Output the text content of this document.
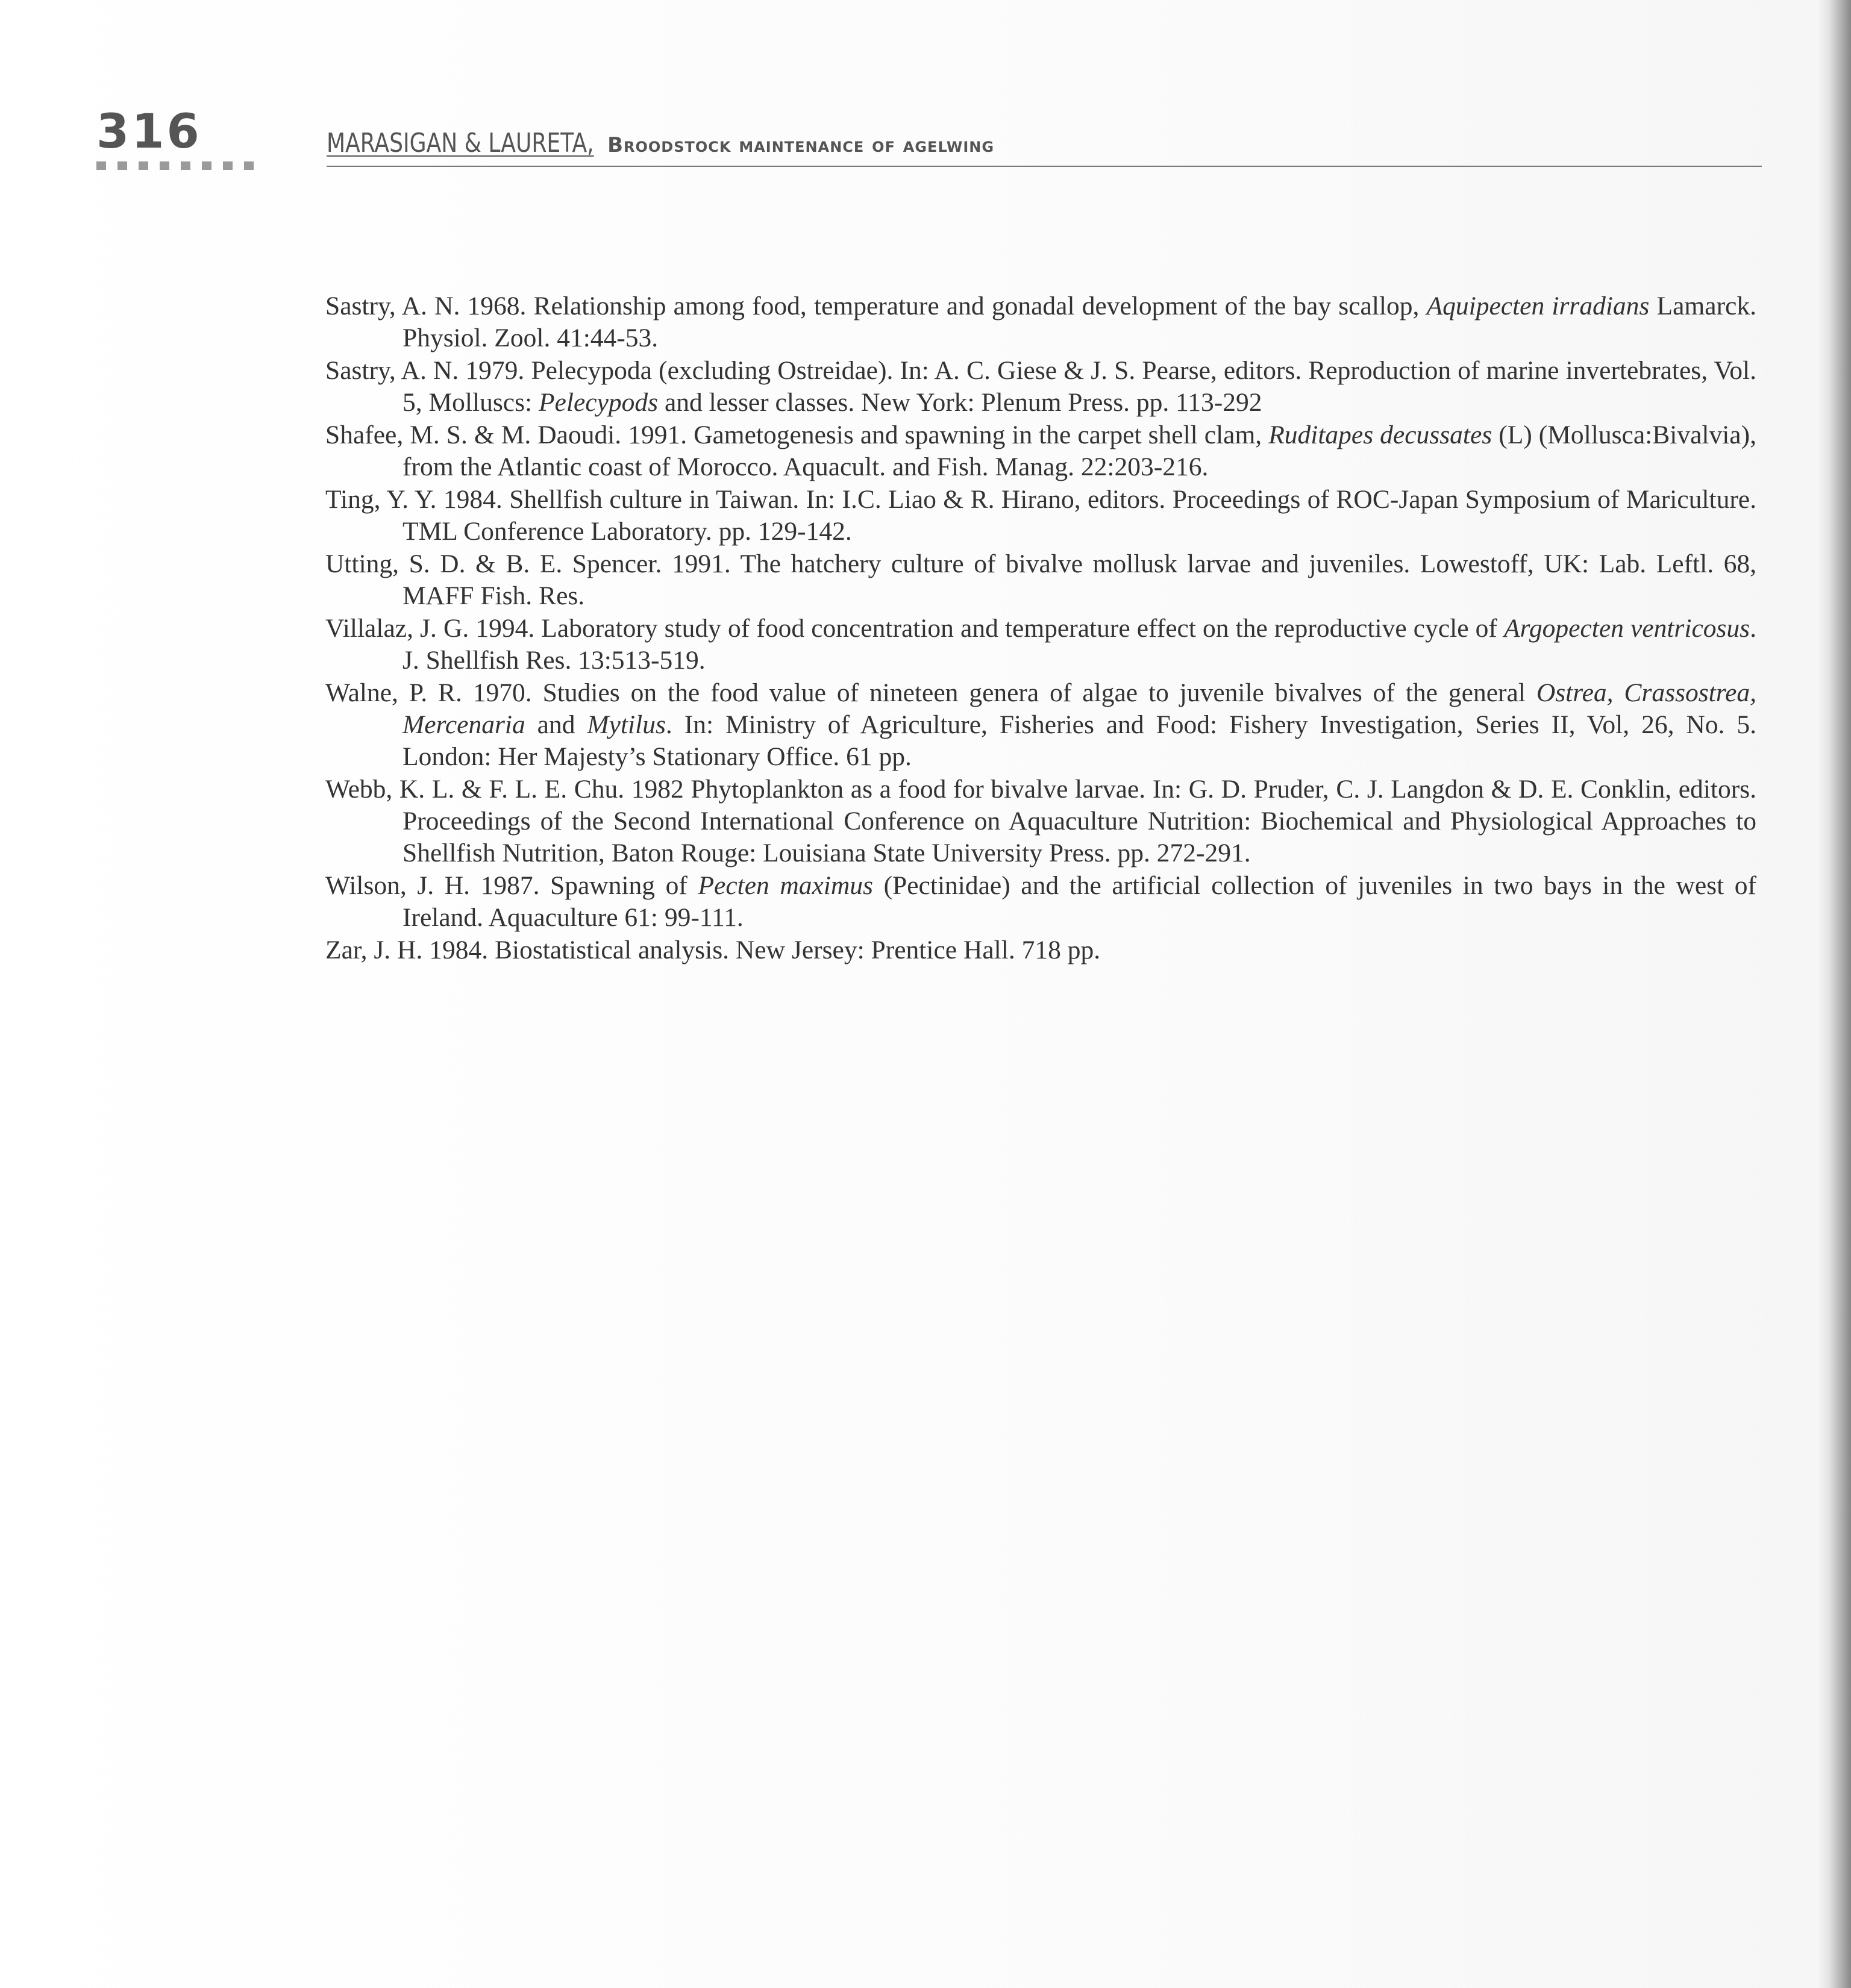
316	MARASIGAN & LAURETA, Broodstock maintenance of agelwing

Sastry, A. N. 1968. Relationship among food, temperature and gonadal development of the bay scallop, Aquipecten irradians Lamarck. Physiol. Zool. 41:44-53.

Sastry, A. N. 1979. Pelecypoda (excluding Ostreidae). In: A. C. Giese & J. S. Pearse, editors. Reproduction of marine invertebrates, Vol. 5, Molluscs: Pelecypods and lesser classes. New York: Plenum Press. pp. 113-292

Shafee, M. S. & M. Daoudi. 1991. Gametogenesis and spawning in the carpet shell clam, Ruditapes decussates (L) (Mollusca:Bivalvia), from the Atlantic coast of Morocco. Aquacult. and Fish. Manag. 22:203-216.

Ting, Y. Y. 1984. Shellfish culture in Taiwan. In: I.C. Liao & R. Hirano, editors. Proceedings of ROC-Japan Symposium of Mariculture. TML Conference Laboratory. pp. 129-142.

Utting, S. D. & B. E. Spencer. 1991. The hatchery culture of bivalve mollusk larvae and juveniles. Lowestoff, UK: Lab. Leftl. 68, MAFF Fish. Res.

Villalaz, J. G. 1994. Laboratory study of food concentration and temperature effect on the reproductive cycle of Argopecten ventricosus. J. Shellfish Res. 13:513-519.

Walne, P. R. 1970. Studies on the food value of nineteen genera of algae to juvenile bivalves of the general Ostrea, Crassostrea, Mercenaria and Mytilus. In: Ministry of Agriculture, Fisheries and Food: Fishery Investigation, Series II, Vol, 26, No. 5. London: Her Majesty’s Stationary Office. 61 pp.

Webb, K. L. & F. L. E. Chu. 1982 Phytoplankton as a food for bivalve larvae. In: G. D. Pruder, C. J. Langdon & D. E. Conklin, editors. Proceedings of the Second International Conference on Aquaculture Nutrition: Biochemical and Physiological Approaches to Shellfish Nutrition, Baton Rouge: Louisiana State University Press. pp. 272-291.

Wilson, J. H. 1987. Spawning of Pecten maximus (Pectinidae) and the artificial collection of juveniles in two bays in the west of Ireland. Aquaculture 61: 99-111.

Zar, J. H. 1984. Biostatistical analysis. New Jersey: Prentice Hall. 718 pp.
